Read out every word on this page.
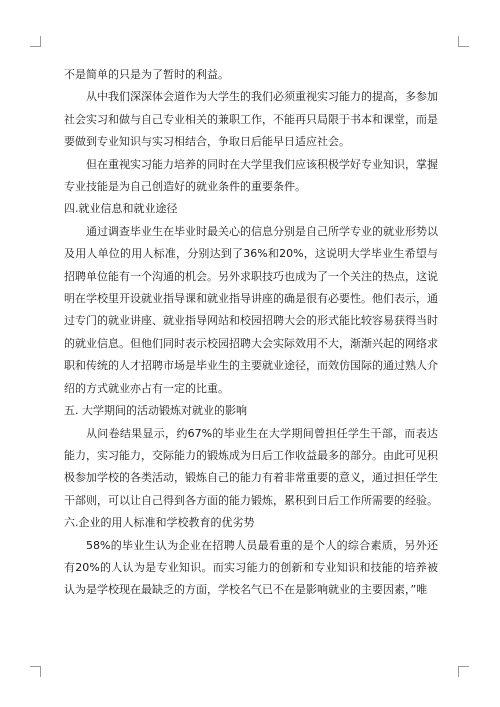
不是简单的只是为了暂时的利益。

从中我们深深体会道作为大学生的我们必须重视实习能力的提高，多参加社会实习和做与自己专业相关的兼职工作，不能再只局限于书本和课堂，而是要做到专业知识与实习相结合，争取日后能早日适应社会。

但在重视实习能力培养的同时在大学里我们应该积极学好专业知识，掌握专业技能是为自己创造好的就业条件的重要条件。

四.就业信息和就业途径

通过调查毕业生在毕业时最关心的信息分别是自己所学专业的就业形势以及用人单位的用人标准，分别达到了36%和20%，这说明大学毕业生希望与招聘单位能有一个沟通的机会。另外求职技巧也成为了一个关注的热点，这说明在学校里开设就业指导课和就业指导讲座的确是很有必要性。他们表示，通过专门的就业讲座、就业指导网站和校园招聘大会的形式能比较容易获得当时的就业信息。但他们同时表示校园招聘大会实际效用不大，渐渐兴起的网络求职和传统的人才招聘市场是毕业生的主要就业途径，而效仿国际的通过熟人介绍的方式就业亦占有一定的比重。

五. 大学期间的活动锻炼对就业的影响

从问卷结果显示，约67%的毕业生在大学期间曾担任学生干部，而表达能力，实习能力，交际能力的锻炼成为日后工作收益最多的部分。由此可见积极参加学校的各类活动，锻炼自己的能力有着非常重要的意义，通过担任学生干部则，可以让自己得到各方面的能力锻炼，累积到日后工作所需要的经验。

六.企业的用人标准和学校教育的优劣势

58%的毕业生认为企业在招聘人员最看重的是个人的综合素质，另外还有20%的人认为是专业知识。而实习能力的创新和专业知识和技能的培养被认为是学校现在最缺乏的方面，学校名气已不在是影响就业的主要因素，”唯
